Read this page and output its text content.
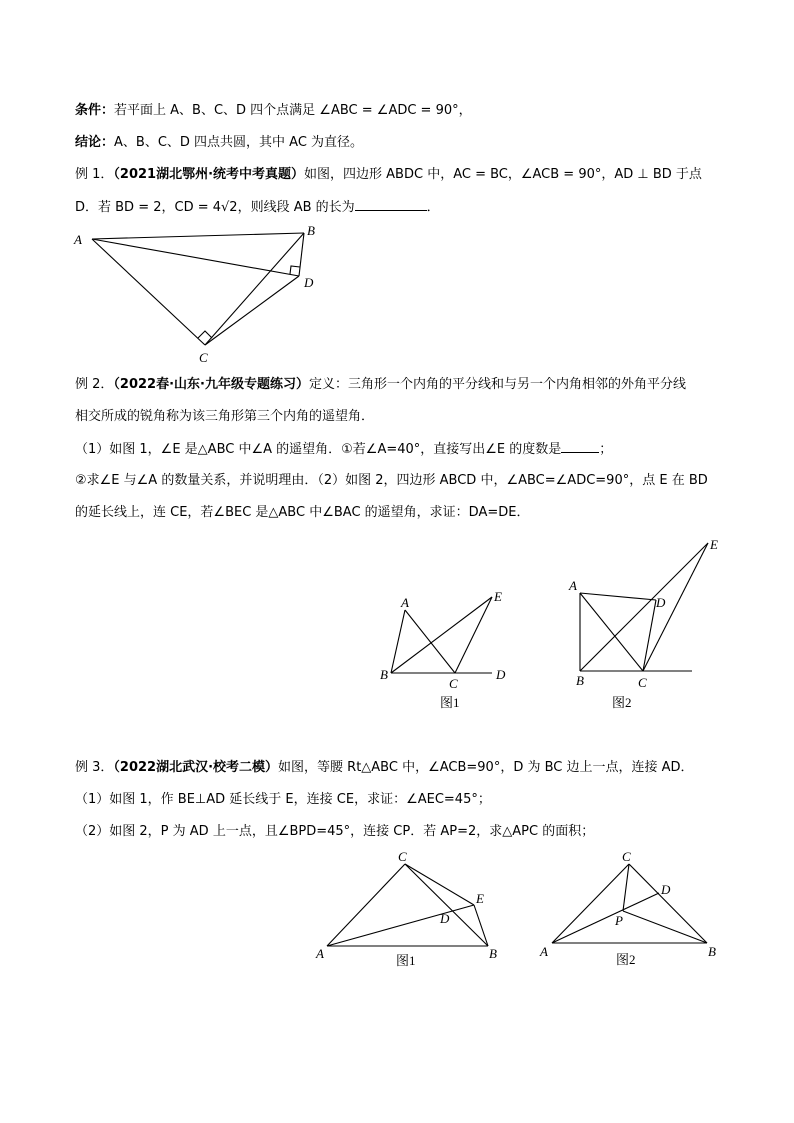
条件：若平面上 A、B、C、D 四个点满足 ∠ABC = ∠ADC = 90°，
结论：A、B、C、D 四点共圆，其中 AC 为直径。
例 1．（2021湖北鄂州·统考中考真题）如图，四边形 ABDC 中，AC = BC，∠ACB = 90°，AD ⊥ BD 于点
D．若 BD = 2，CD = 4√2，则线段 AB 的长为	．
A
B
C
D
例 2．（2022春·山东·九年级专题练习）定义：三角形一个内角的平分线和与另一个内角相邻的外角平分线
相交所成的锐角称为该三角形第三个内角的遥望角．
（1）如图 1，∠E 是△ABC 中∠A 的遥望角．①若∠A=40°，直接写出∠E 的度数是	；
②求∠E 与∠A 的数量关系，并说明理由．（2）如图 2，四边形 ABCD 中，∠ABC=∠ADC=90°，点 E 在 BD
的延长线上，连 CE，若∠BEC 是△ABC 中∠BAC 的遥望角，求证：DA=DE．
A
B
C
D
E
图1
A
B	C
D
E
图2
例 3．（2022湖北武汉·校考二模）如图，等腰 Rt△ABC 中，∠ACB=90°，D 为 BC 边上一点，连接 AD．
（1）如图 1，作 BE⊥AD 延长线于 E，连接 CE，求证：∠AEC=45°；
（2）如图 2，P 为 AD 上一点，且∠BPD=45°，连接 CP．若 AP=2，求△APC 的面积；
A	B
C
D
E
图1
A	B
C
D
P
图2
